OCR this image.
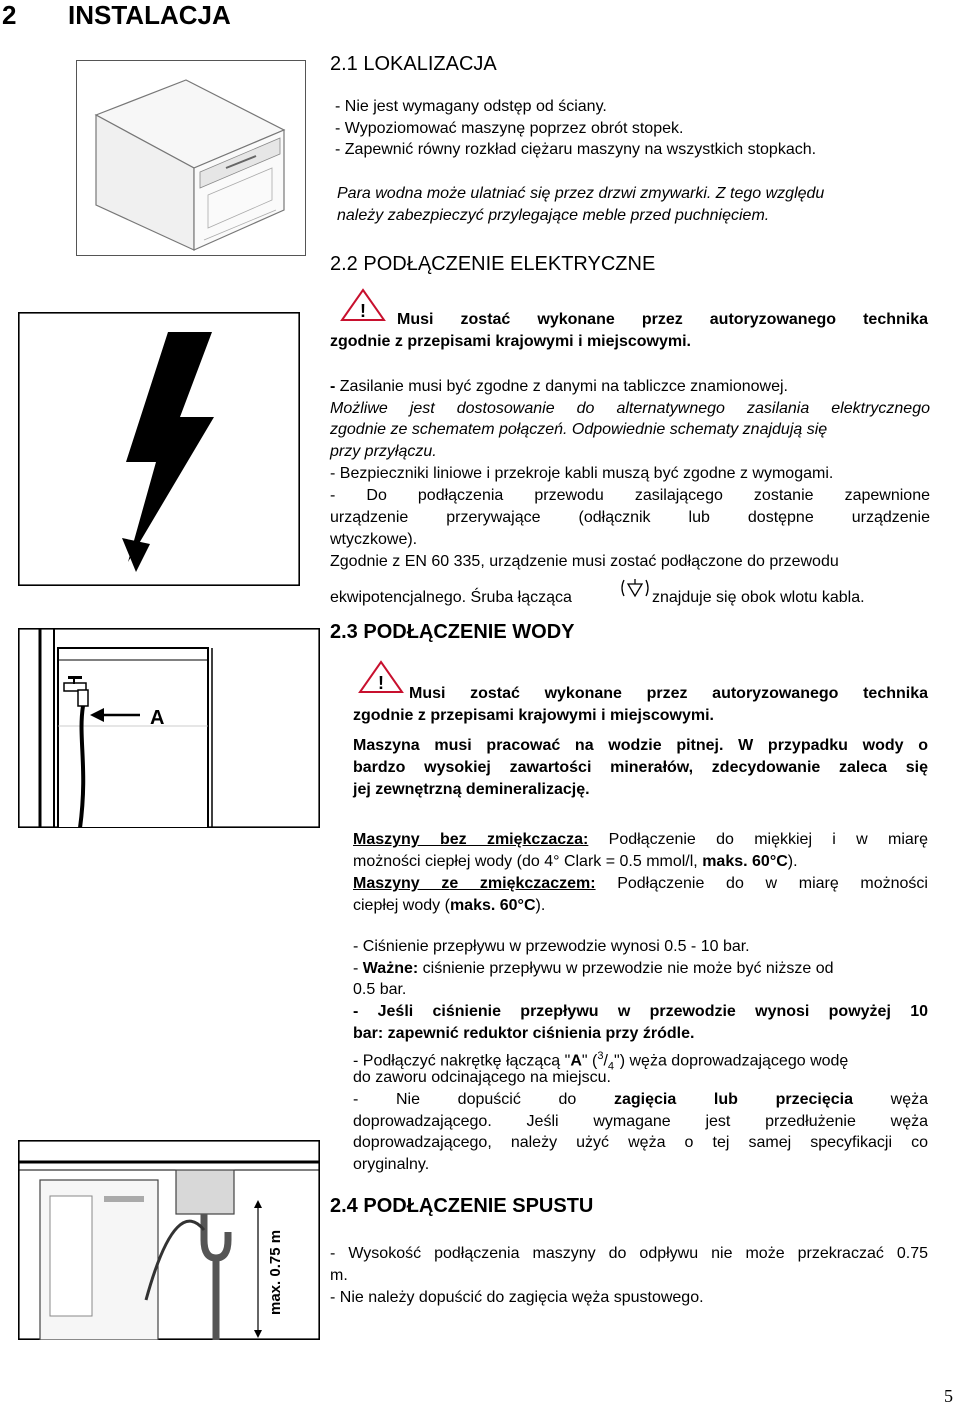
2 INSTALACJA
2.1 LOKALIZACJA
- Nie jest wymagany odstęp od ściany.
- Wypoziomować maszynę poprzez obrót stopek.
- Zapewnić równy rozkład ciężaru maszyny na wszystkich stopkach.
Para wodna może ulatniać się przez drzwi zmywarki. Z tego względu
należy zabezpieczyć przylegające meble przed puchnięciem.
2.2 PODŁĄCZENIE ELEKTRYCZNE
! Musi zostać wykonane przez autoryzowanego technika
zgodnie z przepisami krajowymi i miejscowymi.
- Zasilanie musi być zgodne z danymi na tabliczce znamionowej.
Możliwe jest dostosowanie do alternatywnego zasilania elektrycznego
zgodnie ze schematem połączeń. Odpowiednie schematy znajdują się
przy przyłączu.
- Bezpieczniki liniowe i przekroje kabli muszą być zgodne z wymogami.
- Do podłączenia przewodu zasilającego zostanie zapewnione
urządzenie przerywające (odłącznik lub dostępne urządzenie
wtyczkowe).
Zgodnie z EN 60 335, urządzenie musi zostać podłączone do przewodu
ekwipotencjalnego. Śruba łącząca	znajduje się obok wlotu kabla.
2.3 PODŁĄCZENIE WODY
A
!
Musi zostać wykonane przez autoryzowanego technika
zgodnie z przepisami krajowymi i miejscowymi.
Maszyna musi pracować na wodzie pitnej. W przypadku wody o
bardzo wysokiej zawartości minerałów, zdecydowanie zaleca się
jej zewnętrzną demineralizację.
Maszyny bez zmiękczacza: Podłączenie do miękkiej i w miarę
możności ciepłej wody (do 4° Clark = 0.5 mmol/l, maks. 60°C).
Maszyny ze zmiękczaczem: Podłączenie do w miarę możności
ciepłej wody (maks. 60°C).
- Ciśnienie przepływu w przewodzie wynosi 0.5 - 10 bar.
- Ważne: ciśnienie przepływu w przewodzie nie może być niższe od
0.5 bar.
- Jeśli ciśnienie przepływu w przewodzie wynosi powyżej 10
bar: zapewnić reduktor ciśnienia przy źródle.
- Podłączyć nakrętkę łączącą "A" $(^3/_4")$ węża doprowadzającego wodę
do zaworu odcinającego na miejscu.
- Nie dopuścić do zagięcia lub przecięcia węża
doprowadzającego. Jeśli wymagane jest przedłużenie węża
doprowadzającego, należy użyć węża o tej samej specyfikacji co
oryginalny.
max. 0.75 m
2.4 PODŁĄCZENIE SPUSTU
- Wysokość podłączenia maszyny do odpływu nie może przekraczać 0.75
m.
- Nie należy dopuścić do zagięcia węża spustowego.
5
